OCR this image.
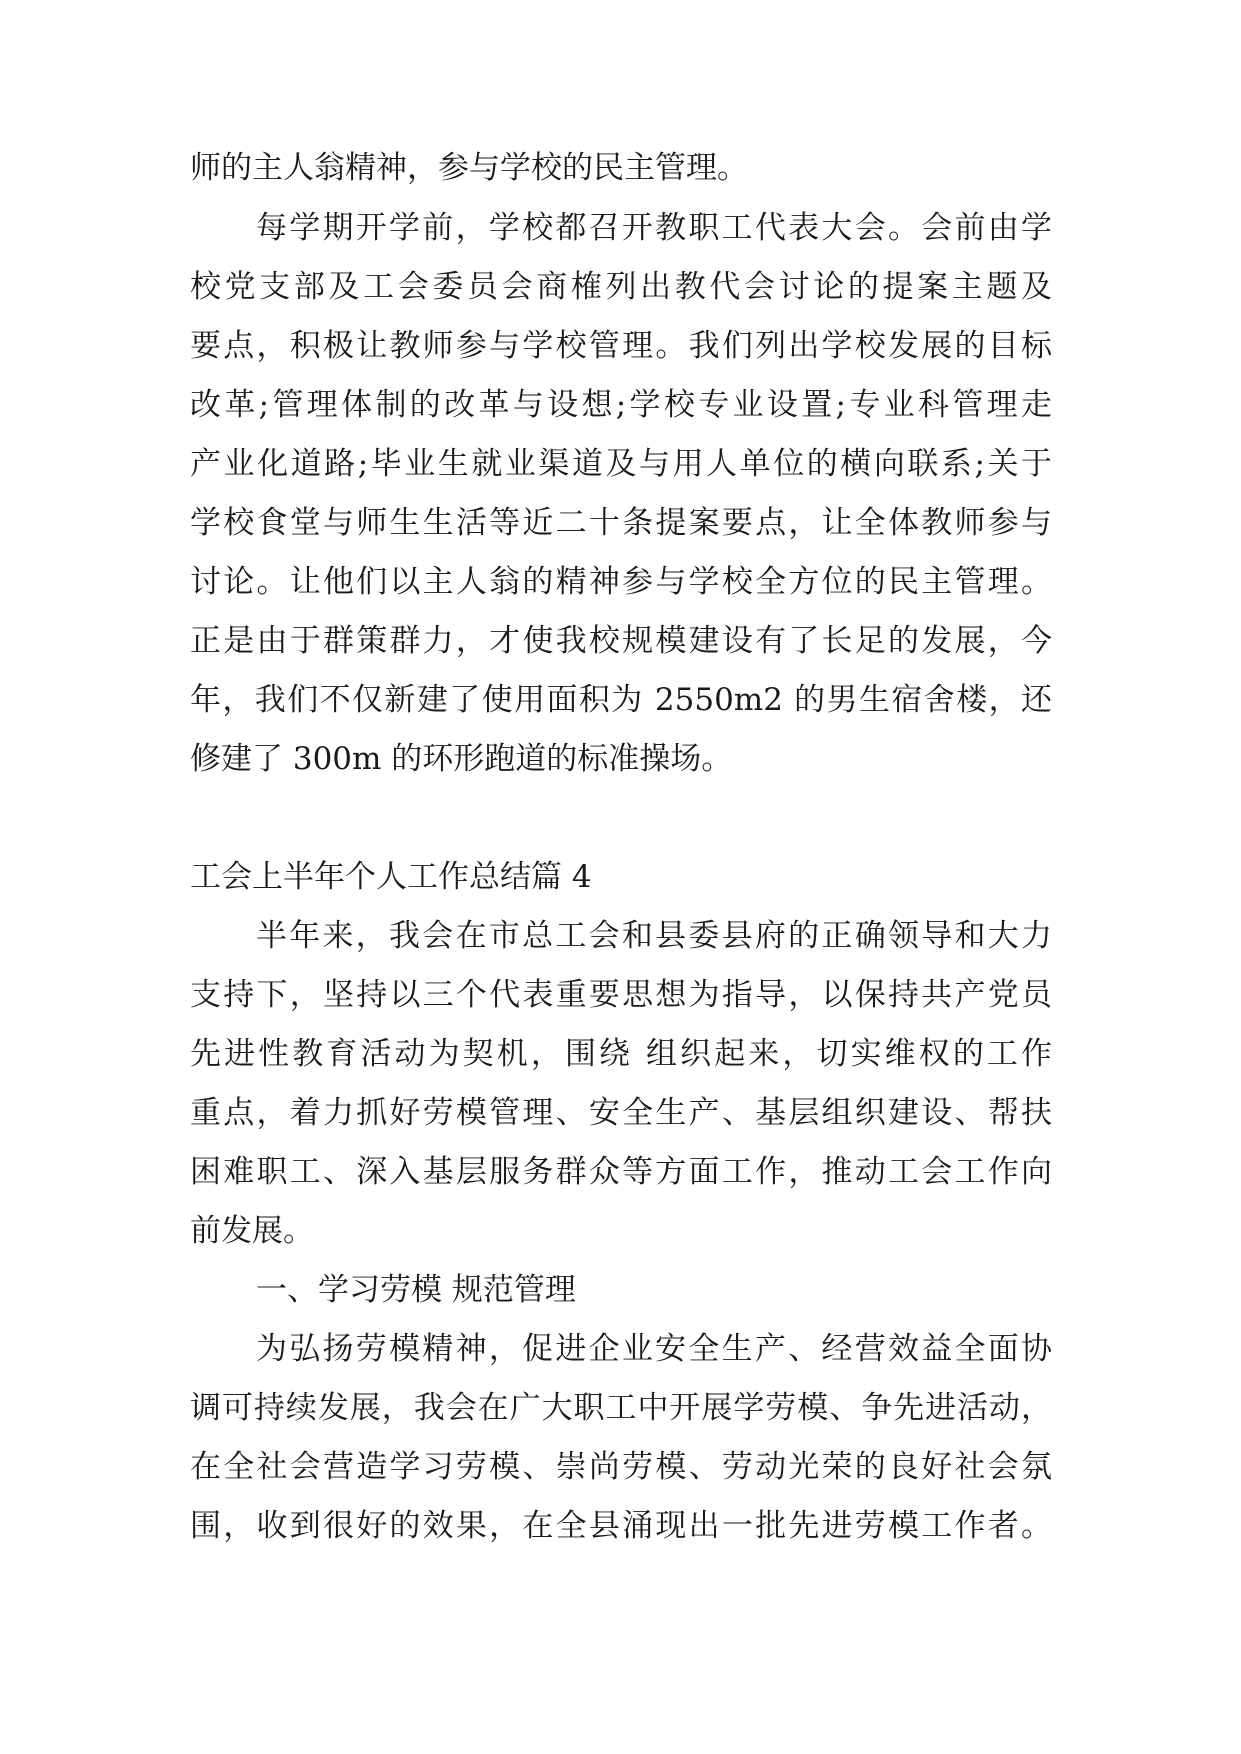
师的主人翁精神，参与学校的民主管理。

每学期开学前，学校都召开教职工代表大会。会前由学

校党支部及工会委员会商榷列出教代会讨论的提案主题及

要点，积极让教师参与学校管理。我们列出学校发展的目标

改革;管理体制的改革与设想;学校专业设置;专业科管理走

产业化道路;毕业生就业渠道及与用人单位的横向联系;关于

学校食堂与师生生活等近二十条提案要点，让全体教师参与

讨论。让他们以主人翁的精神参与学校全方位的民主管理。

正是由于群策群力，才使我校规模建设有了长足的发展，今

年，我们不仅新建了使用面积为 2550m2 的男生宿舍楼，还

修建了 300m 的环形跑道的标准操场。

工会上半年个人工作总结篇 4

半年来，我会在市总工会和县委县府的正确领导和大力

支持下，坚持以三个代表重要思想为指导，以保持共产党员

先进性教育活动为契机，围绕 组织起来，切实维权的工作

重点，着力抓好劳模管理、安全生产、基层组织建设、帮扶

困难职工、深入基层服务群众等方面工作，推动工会工作向

前发展。

一、学习劳模 规范管理

为弘扬劳模精神，促进企业安全生产、经营效益全面协

调可持续发展，我会在广大职工中开展学劳模、争先进活动，

在全社会营造学习劳模、崇尚劳模、劳动光荣的良好社会氛

围，收到很好的效果，在全县涌现出一批先进劳模工作者。
